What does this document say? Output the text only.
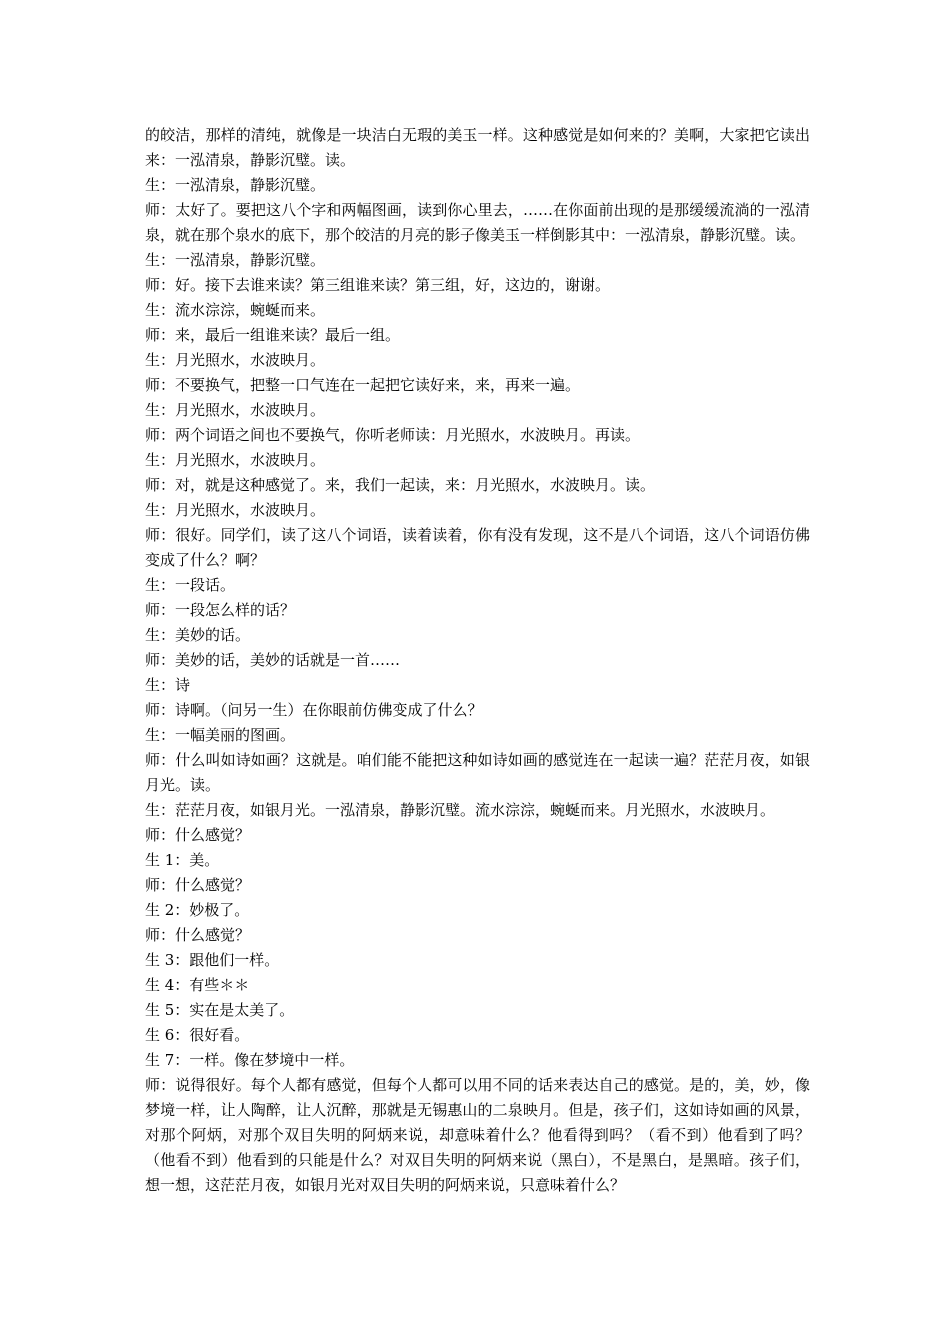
的皎洁，那样的清纯，就像是一块洁白无瑕的美玉一样。这种感觉是如何来的？美啊，大家把它读出来：一泓清泉，静影沉璧。读。

生：一泓清泉，静影沉璧。

师：太好了。要把这八个字和两幅图画，读到你心里去，……在你面前出现的是那缓缓流淌的一泓清泉，就在那个泉水的底下，那个皎洁的月亮的影子像美玉一样倒影其中：一泓清泉，静影沉璧。读。

生：一泓清泉，静影沉璧。

师：好。接下去谁来读？第三组谁来读？第三组，好，这边的，谢谢。

生：流水淙淙，蜿蜒而来。

师：来，最后一组谁来读？最后一组。

生：月光照水，水波映月。

师：不要换气，把整一口气连在一起把它读好来，来，再来一遍。

生：月光照水，水波映月。

师：两个词语之间也不要换气，你听老师读：月光照水，水波映月。再读。

生：月光照水，水波映月。

师：对，就是这种感觉了。来，我们一起读，来：月光照水，水波映月。读。

生：月光照水，水波映月。

师：很好。同学们，读了这八个词语，读着读着，你有没有发现，这不是八个词语，这八个词语仿佛变成了什么？啊？

生：一段话。

师：一段怎么样的话？

生：美妙的话。

师：美妙的话，美妙的话就是一首……

生：诗

师：诗啊。（问另一生）在你眼前仿佛变成了什么？

生：一幅美丽的图画。

师：什么叫如诗如画？这就是。咱们能不能把这种如诗如画的感觉连在一起读一遍？茫茫月夜，如银月光。读。

生：茫茫月夜，如银月光。一泓清泉，静影沉璧。流水淙淙，蜿蜒而来。月光照水，水波映月。

师：什么感觉？

生 1：美。

师：什么感觉？

生 2：妙极了。

师：什么感觉？

生 3：跟他们一样。

生 4：有些＊＊

生 5：实在是太美了。

生 6：很好看。

生 7：一样。像在梦境中一样。

师：说得很好。每个人都有感觉，但每个人都可以用不同的话来表达自己的感觉。是的，美，妙，像梦境一样，让人陶醉，让人沉醉，那就是无锡惠山的二泉映月。但是，孩子们，这如诗如画的风景，对那个阿炳，对那个双目失明的阿炳来说，却意味着什么？他看得到吗？（看不到）他看到了吗？（他看不到）他看到的只能是什么？对双目失明的阿炳来说（黑白），不是黑白，是黑暗。孩子们，想一想，这茫茫月夜，如银月光对双目失明的阿炳来说，只意味着什么？
